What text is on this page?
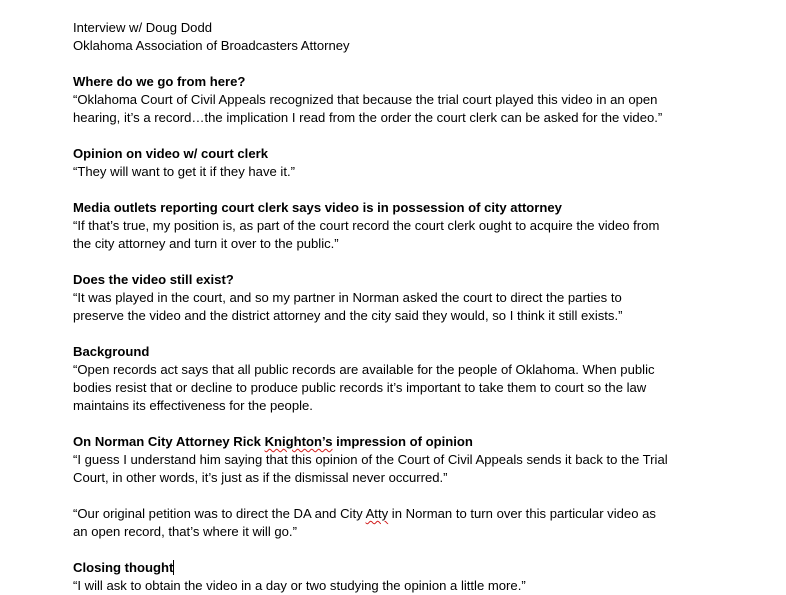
Interview w/ Doug Dodd
Oklahoma Association of Broadcasters Attorney
Where do we go from here?
“Oklahoma Court of Civil Appeals recognized that because the trial court played this video in an open
hearing, it’s a record…the implication I read from the order the court clerk can be asked for the video.”
Opinion on video w/ court clerk
“They will want to get it if they have it.”
Media outlets reporting court clerk says video is in possession of city attorney
“If that’s true, my position is, as part of the court record the court clerk ought to acquire the video from
the city attorney and turn it over to the public.”
Does the video still exist?
“It was played in the court, and so my partner in Norman asked the court to direct the parties to
preserve the video and the district attorney and the city said they would, so I think it still exists.”
Background
“Open records act says that all public records are available for the people of Oklahoma. When public
bodies resist that or decline to produce public records it’s important to take them to court so the law
maintains its effectiveness for the people.
On Norman City Attorney Rick Knighton’s impression of opinion
“I guess I understand him saying that this opinion of the Court of Civil Appeals sends it back to the Trial
Court, in other words, it’s just as if the dismissal never occurred.”
“Our original petition was to direct the DA and City Atty in Norman to turn over this particular video as
an open record, that’s where it will go.”
Closing thought
“I will ask to obtain the video in a day or two studying the opinion a little more.”
